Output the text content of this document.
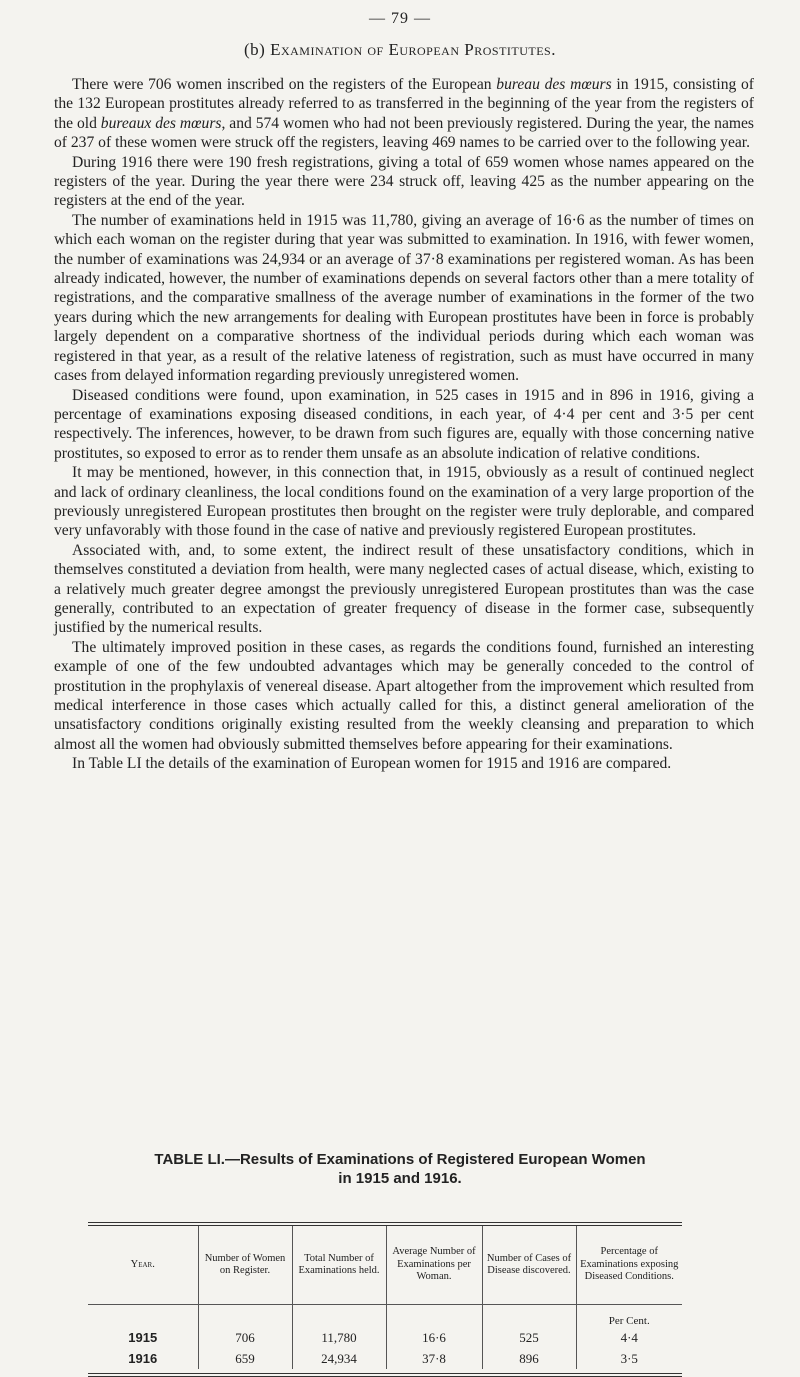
— 79 —
(b) Examination of European Prostitutes.

There were 706 women inscribed on the registers of the European bureau des mœurs in 1915, consisting of the 132 European prostitutes already referred to as transferred in the beginning of the year from the registers of the old bureaux des mœurs, and 574 women who had not been previously registered. During the year, the names of 237 of these women were struck off the registers, leaving 469 names to be carried over to the following year.

During 1916 there were 190 fresh registrations, giving a total of 659 women whose names appeared on the registers of the year. During the year there were 234 struck off, leaving 425 as the number appearing on the registers at the end of the year.

The number of examinations held in 1915 was 11,780, giving an average of 16·6 as the number of times on which each woman on the register during that year was submitted to examination. In 1916, with fewer women, the number of examinations was 24,934 or an average of 37·8 examinations per registered woman. As has been already indicated, however, the number of examinations depends on several factors other than a mere totality of registrations, and the comparative smallness of the average number of examinations in the former of the two years during which the new arrangements for dealing with European prostitutes have been in force is probably largely dependent on a comparative shortness of the individual periods during which each woman was registered in that year, as a result of the relative lateness of registration, such as must have occurred in many cases from delayed information regarding previously unregistered women.

Diseased conditions were found, upon examination, in 525 cases in 1915 and in 896 in 1916, giving a percentage of examinations exposing diseased conditions, in each year, of 4·4 per cent and 3·5 per cent respectively. The inferences, however, to be drawn from such figures are, equally with those concerning native prostitutes, so exposed to error as to render them unsafe as an absolute indication of relative conditions.

It may be mentioned, however, in this connection that, in 1915, obviously as a result of continued neglect and lack of ordinary cleanliness, the local conditions found on the examination of a very large proportion of the previously unregistered European prostitutes then brought on the register were truly deplorable, and compared very unfavorably with those found in the case of native and previously registered European prostitutes.

Associated with, and, to some extent, the indirect result of these unsatisfactory conditions, which in themselves constituted a deviation from health, were many neglected cases of actual disease, which, existing to a relatively much greater degree amongst the previously unregistered European prostitutes than was the case generally, contributed to an expectation of greater frequency of disease in the former case, subsequently justified by the numerical results.

The ultimately improved position in these cases, as regards the conditions found, furnished an interesting example of one of the few undoubted advantages which may be generally conceded to the control of prostitution in the prophylaxis of venereal disease. Apart altogether from the improvement which resulted from medical interference in those cases which actually called for this, a distinct general amelioration of the unsatisfactory conditions originally existing resulted from the weekly cleansing and preparation to which almost all the women had obviously submitted themselves before appearing for their examinations.

In Table LI the details of the examination of European women for 1915 and 1916 are compared.

TABLE LI.—Results of Examinations of Registered European Women
in 1915 and 1916.
Year.	Number of Women on Register.	Total Number of Examinations held.	Average Number of Examinations per Woman.	Number of Cases of Disease discovered.	Percentage of Examinations exposing Diseased Conditions.
					Per Cent.
1915	706	11,780	16·6	525	4·4
1916	659	24,934	37·8	896	3·5
